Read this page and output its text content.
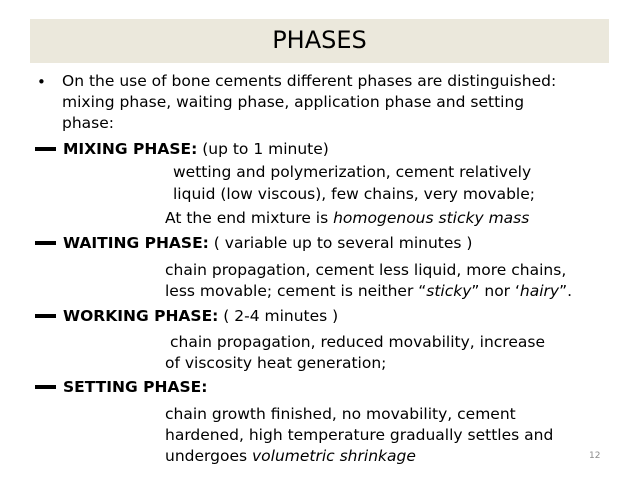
PHASES
• On the use of bone cements different phases are distinguished:
mixing phase, waiting phase, application phase and setting
phase:
MIXING PHASE: (up to 1 minute)
wetting and polymerization, cement relatively
liquid (low viscous), few chains, very movable;
At the end mixture is homogenous sticky mass
WAITING PHASE: ( variable up to several minutes )
chain propagation, cement less liquid, more chains,
less movable; cement is neither “sticky” nor ‘hairy”.
WORKING PHASE: ( 2-4 minutes )
chain propagation, reduced movability, increase
of viscosity heat generation;
SETTING PHASE:
chain growth finished, no movability, cement
hardened, high temperature gradually settles and
undergoes volumetric shrinkage	12
